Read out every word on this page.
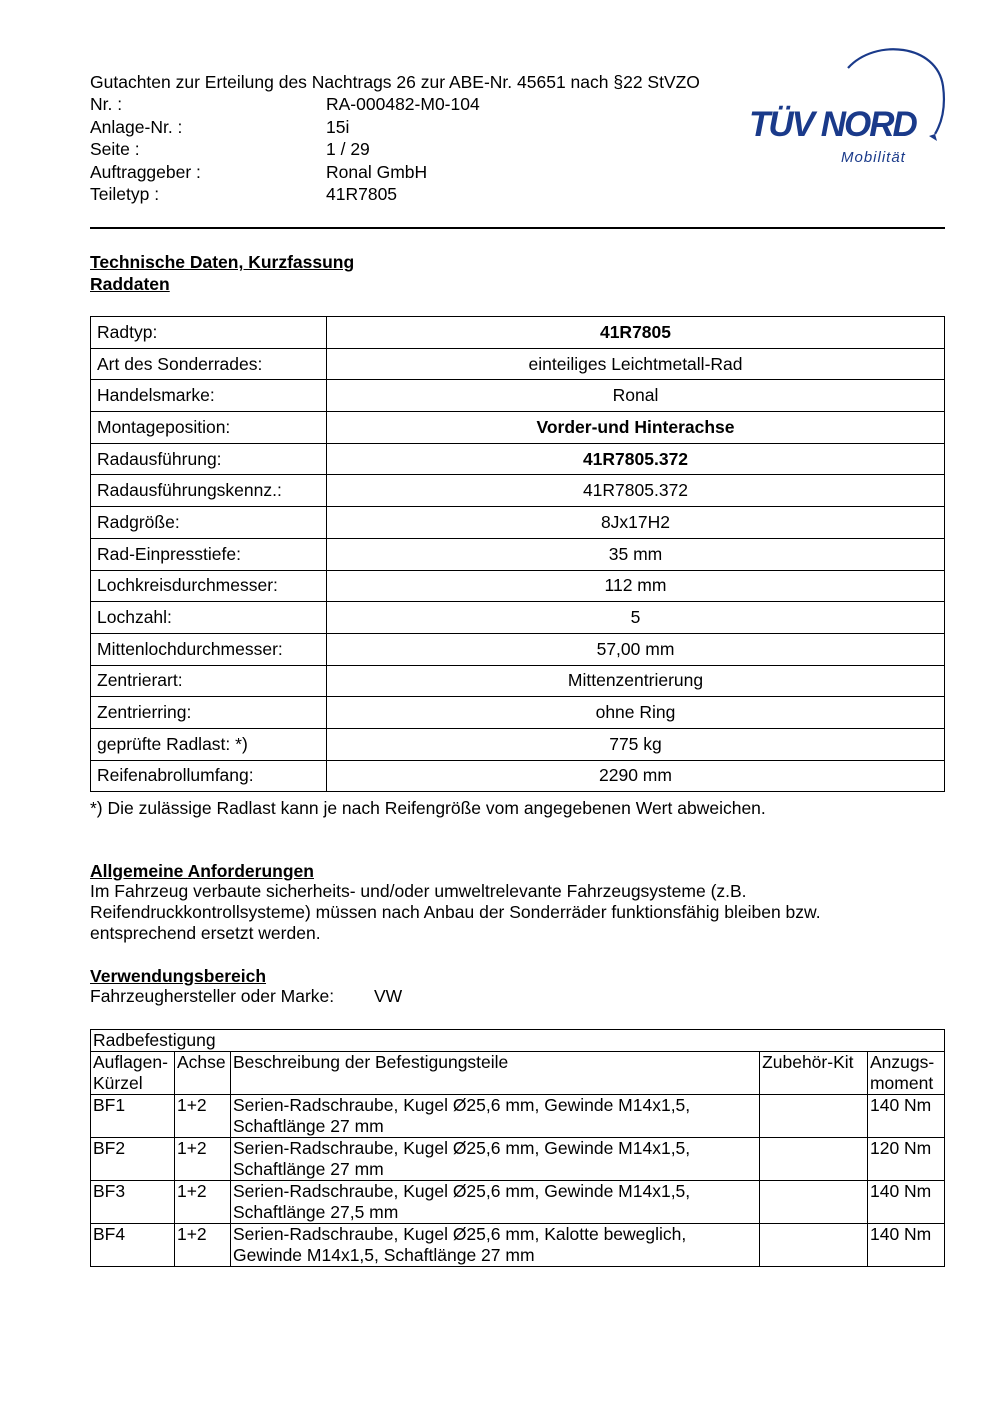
Gutachten zur Erteilung des Nachtrags 26 zur ABE-Nr. 45651 nach §22 StVZO
Nr. :	RA-000482-M0-104
Anlage-Nr. :	15i
Seite :	1 / 29
Auftraggeber :	Ronal GmbH
Teiletyp :	41R7805
TÜV NORD
Mobilität
Technische Daten, Kurzfassung
Raddaten
Radtyp:	41R7805
Art des Sonderrades:	einteiliges Leichtmetall-Rad
Handelsmarke:	Ronal
Montageposition:	Vorder-und Hinterachse
Radausführung:	41R7805.372
Radausführungskennz.:	41R7805.372
Radgröße:	8Jx17H2
Rad-Einpresstiefe:	35 mm
Lochkreisdurchmesser:	112 mm
Lochzahl:	5
Mittenlochdurchmesser:	57,00 mm
Zentrierart:	Mittenzentrierung
Zentrierring:	ohne Ring
geprüfte Radlast: *)	775 kg
Reifenabrollumfang:	2290 mm
*) Die zulässige Radlast kann je nach Reifengröße vom angegebenen Wert abweichen.
Allgemeine Anforderungen
Im Fahrzeug verbaute sicherheits- und/oder umweltrelevante Fahrzeugsysteme (z.B.
Reifendruckkontrollsysteme) müssen nach Anbau der Sonderräder funktionsfähig bleiben bzw.
entsprechend ersetzt werden.
Verwendungsbereich
Fahrzeughersteller oder Marke: VW
Radbefestigung				
Auflagen-
Kürzel	Achse	Beschreibung der Befestigungsteile	Zubehör-Kit	Anzugs-
moment
BF1	1+2	Serien-Radschraube, Kugel Ø25,6 mm, Gewinde M14x1,5,
Schaftlänge 27 mm		140 Nm
BF2	1+2	Serien-Radschraube, Kugel Ø25,6 mm, Gewinde M14x1,5,
Schaftlänge 27 mm		120 Nm
BF3	1+2	Serien-Radschraube, Kugel Ø25,6 mm, Gewinde M14x1,5,
Schaftlänge 27,5 mm		140 Nm
BF4	1+2	Serien-Radschraube, Kugel Ø25,6 mm, Kalotte beweglich,
Gewinde M14x1,5, Schaftlänge 27 mm		140 Nm
